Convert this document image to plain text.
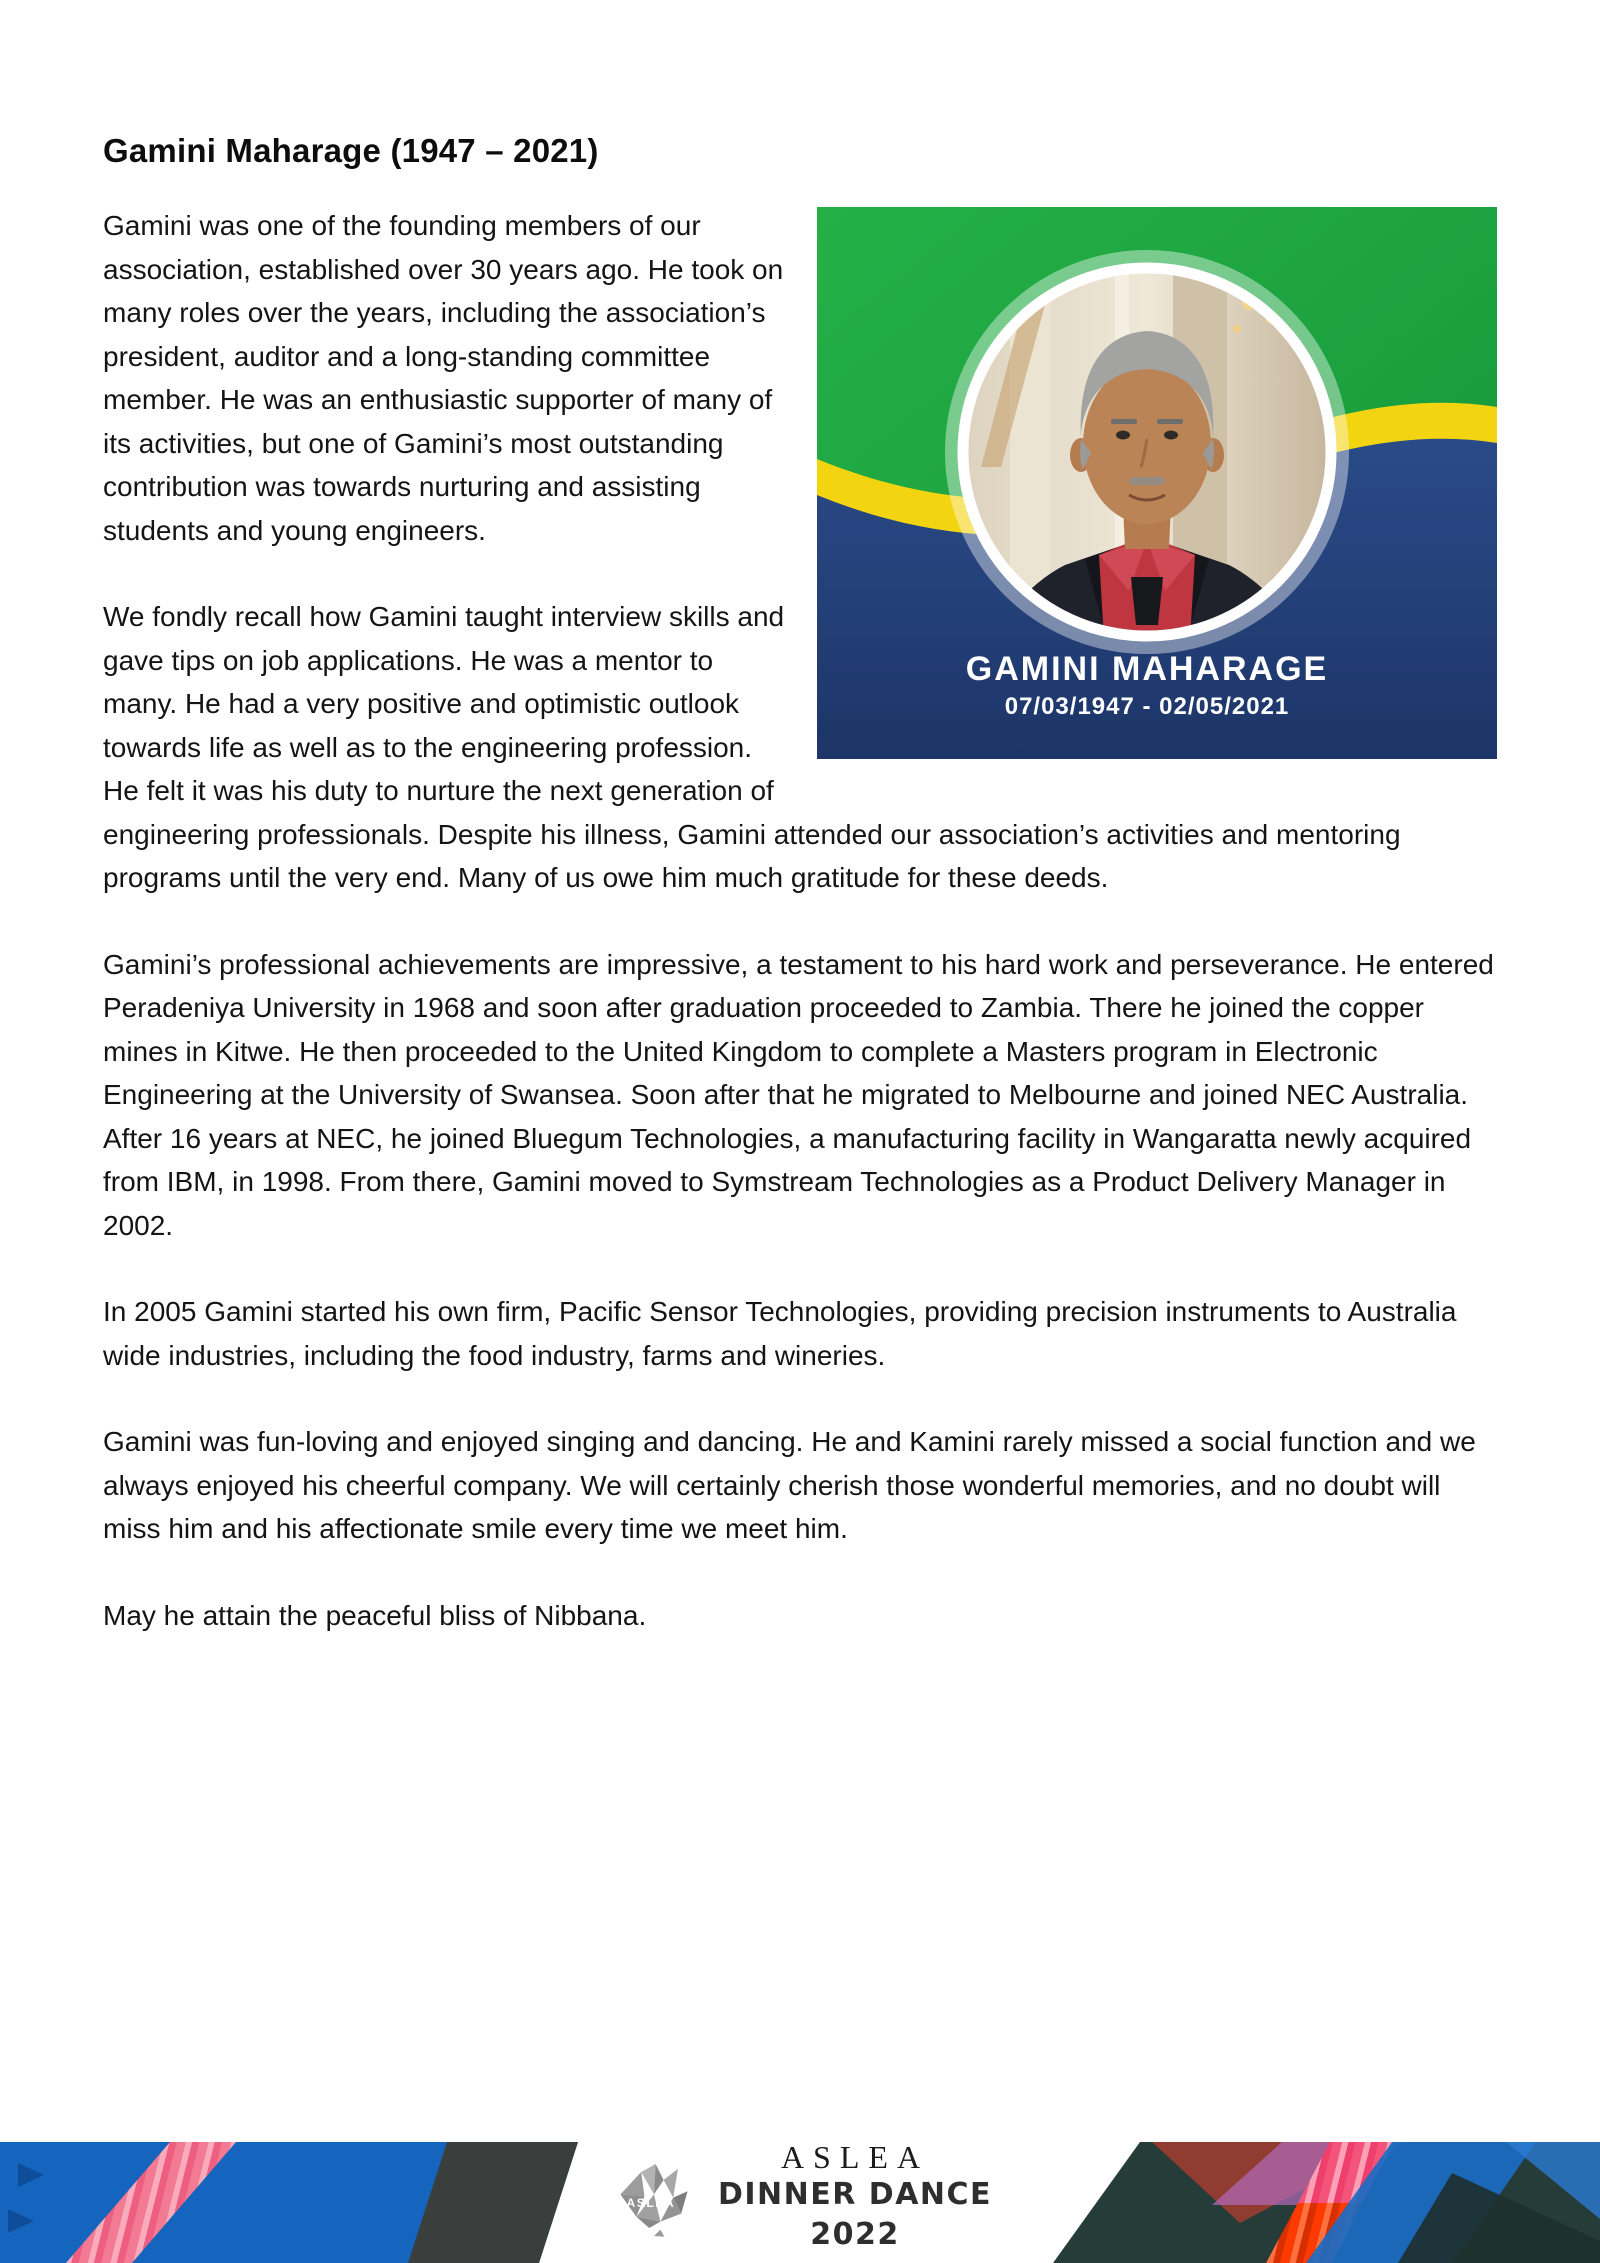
Gamini Maharage (1947 – 2021)
GAMINI MAHARAGE
07/03/1947 - 02/05/2021

Gamini was one of the founding members of our association, established over 30 years ago. He took on many roles over the years, including the association’s president, auditor and a long-standing committee member. He was an enthusiastic supporter of many of its activities, but one of Gamini’s most outstanding contribution was towards nurturing and assisting students and young engineers.

We fondly recall how Gamini taught interview skills and gave tips on job applications. He was a mentor to many. He had a very positive and optimistic outlook towards life as well as to the engineering profession. He felt it was his duty to nurture the next generation of engineering professionals. Despite his illness, Gamini attended our association’s activities and mentoring programs until the very end. Many of us owe him much gratitude for these deeds.

Gamini’s professional achievements are impressive, a testament to his hard work and perseverance. He entered Peradeniya University in 1968 and soon after graduation proceeded to Zambia. There he joined the copper mines in Kitwe. He then proceeded to the United Kingdom to complete a Masters program in Electronic Engineering at the University of Swansea. Soon after that he migrated to Melbourne and joined NEC Australia. After 16 years at NEC, he joined Bluegum Technologies, a manufacturing facility in Wangaratta newly acquired from IBM, in 1998. From there, Gamini moved to Symstream Technologies as a Product Delivery Manager in 2002.

In 2005 Gamini started his own firm, Pacific Sensor Technologies, providing precision instruments to Australia wide industries, including the food industry, farms and wineries.

Gamini was fun-loving and enjoyed singing and dancing. He and Kamini rarely missed a social function and we always enjoyed his cheerful company. We will certainly cherish those wonderful memories, and no doubt will miss him and his affectionate smile every time we meet him.

May he attain the peaceful bliss of Nibbana.

ASLEA
ASLEA
DINNER DANCE 2022
